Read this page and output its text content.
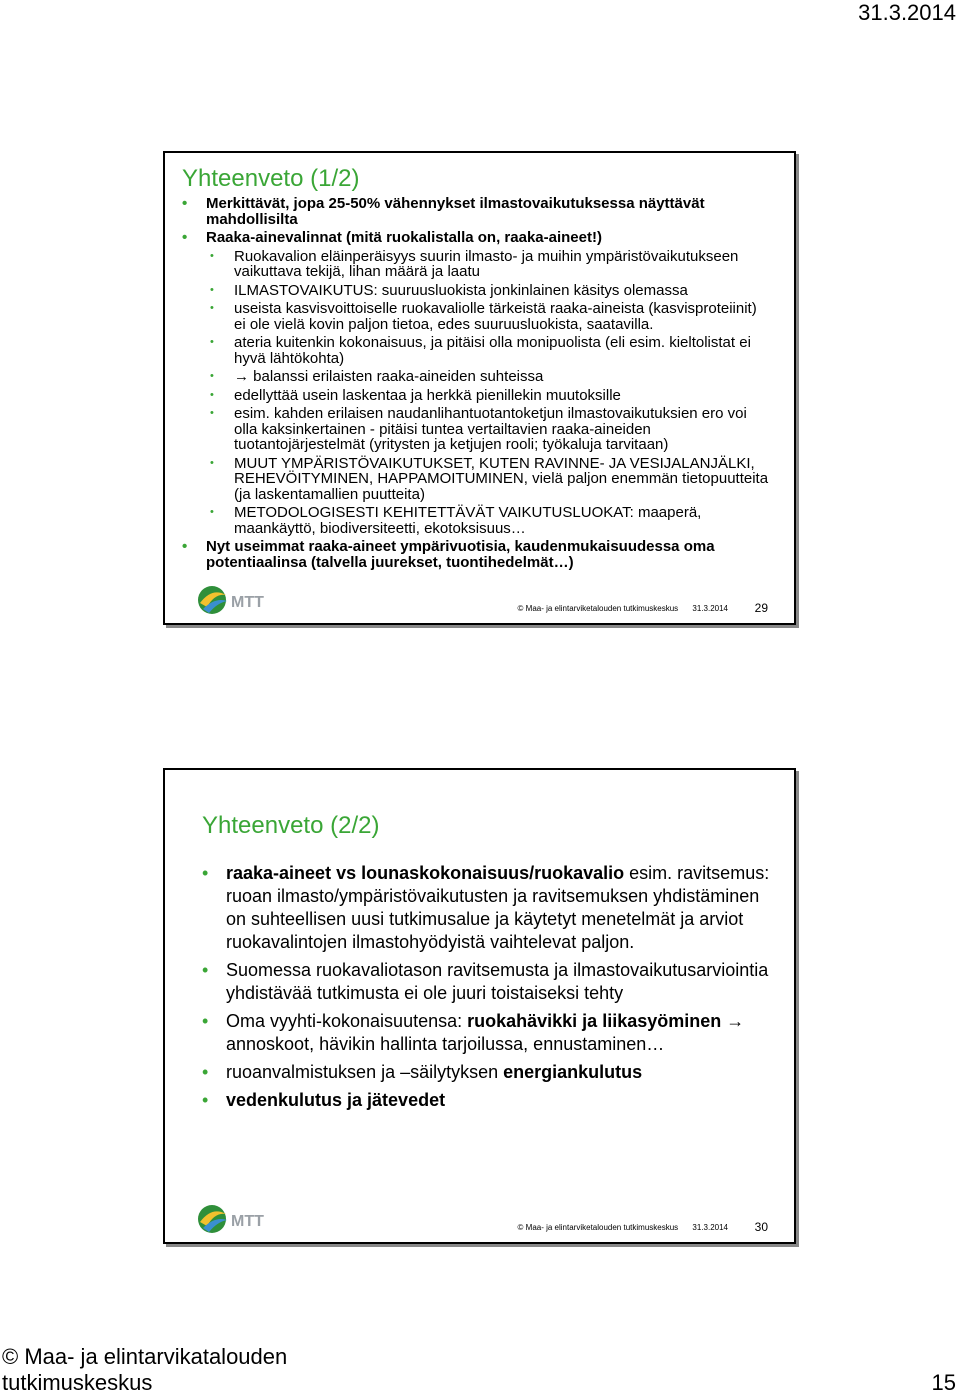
31.3.2014
Yhteenveto (1/2)
• Merkittävät, jopa 25-50% vähennykset ilmastovaikutuksessa näyttävät mahdollisilta
• Raaka-ainevalinnat (mitä ruokalistalla on, raaka-aineet!)
• Ruokavalion eläinperäisyys suurin ilmasto- ja muihin ympäristövaikutukseen vaikuttava tekijä, lihan määrä ja laatu
• ILMASTOVAIKUTUS: suuruusluokista jonkinlainen käsitys olemassa
• useista kasvisvoittoiselle ruokavaliolle tärkeistä raaka-aineista (kasvisproteiinit) ei ole vielä kovin paljon tietoa, edes suuruusluokista, saatavilla.
• ateria kuitenkin kokonaisuus, ja pitäisi olla monipuolista (eli esim. kieltolistat ei hyvä lähtökohta)
• → balanssi erilaisten raaka-aineiden suhteissa
• edellyttää usein laskentaa ja herkkä pienillekin muutoksille
• esim. kahden erilaisen naudanlihantuotantoketjun ilmastovaikutuksien ero voi olla kaksinkertainen - pitäisi tuntea vertailtavien raaka-aineiden tuotantojärjestelmät (yritysten ja ketjujen rooli; työkaluja tarvitaan)
• MUUT YMPÄRISTÖVAIKUTUKSET, KUTEN RAVINNE- JA VESIJALANJÄLKI, REHEVÖITYMINEN, HAPPAMOITUMINEN, vielä paljon enemmän tietopuutteita (ja laskentamallien puutteita)
• METODOLOGISESTI KEHITETTÄVÄT VAIKUTUSLUOKAT: maaperä, maankäyttö, biodiversiteetti, ekotoksisuus…
• Nyt useimmat raaka-aineet ympärivuotisia, kaudenmukaisuudessa oma potentiaalinsa (talvella juurekset, tuontihedelmät…)
MTT	© Maa- ja elintarviketalouden tutkimuskeskus 31.3.2014 29
Yhteenveto (2/2)
• raaka-aineet vs lounaskokonaisuus/ruokavalio esim. ravitsemus: ruoan ilmasto/ympäristövaikutusten ja ravitsemuksen yhdistäminen on suhteellisen uusi tutkimusalue ja käytetyt menetelmät ja arviot ruokavalintojen ilmastohyödyistä vaihtelevat paljon.
• Suomessa ruokavaliotason ravitsemusta ja ilmastovaikutusarviointia yhdistävää tutkimusta ei ole juuri toistaiseksi tehty
• Oma vyyhti-kokonaisuutensa: ruokahävikki ja liikasyöminen → annoskoot, hävikin hallinta tarjoilussa, ennustaminen…
• ruoanvalmistuksen ja –säilytyksen energiankulutus
• vedenkulutus ja jätevedet
MTT	© Maa- ja elintarviketalouden tutkimuskeskus 31.3.2014 30
© Maa- ja elintarvikatalouden tutkimuskeskus	15
